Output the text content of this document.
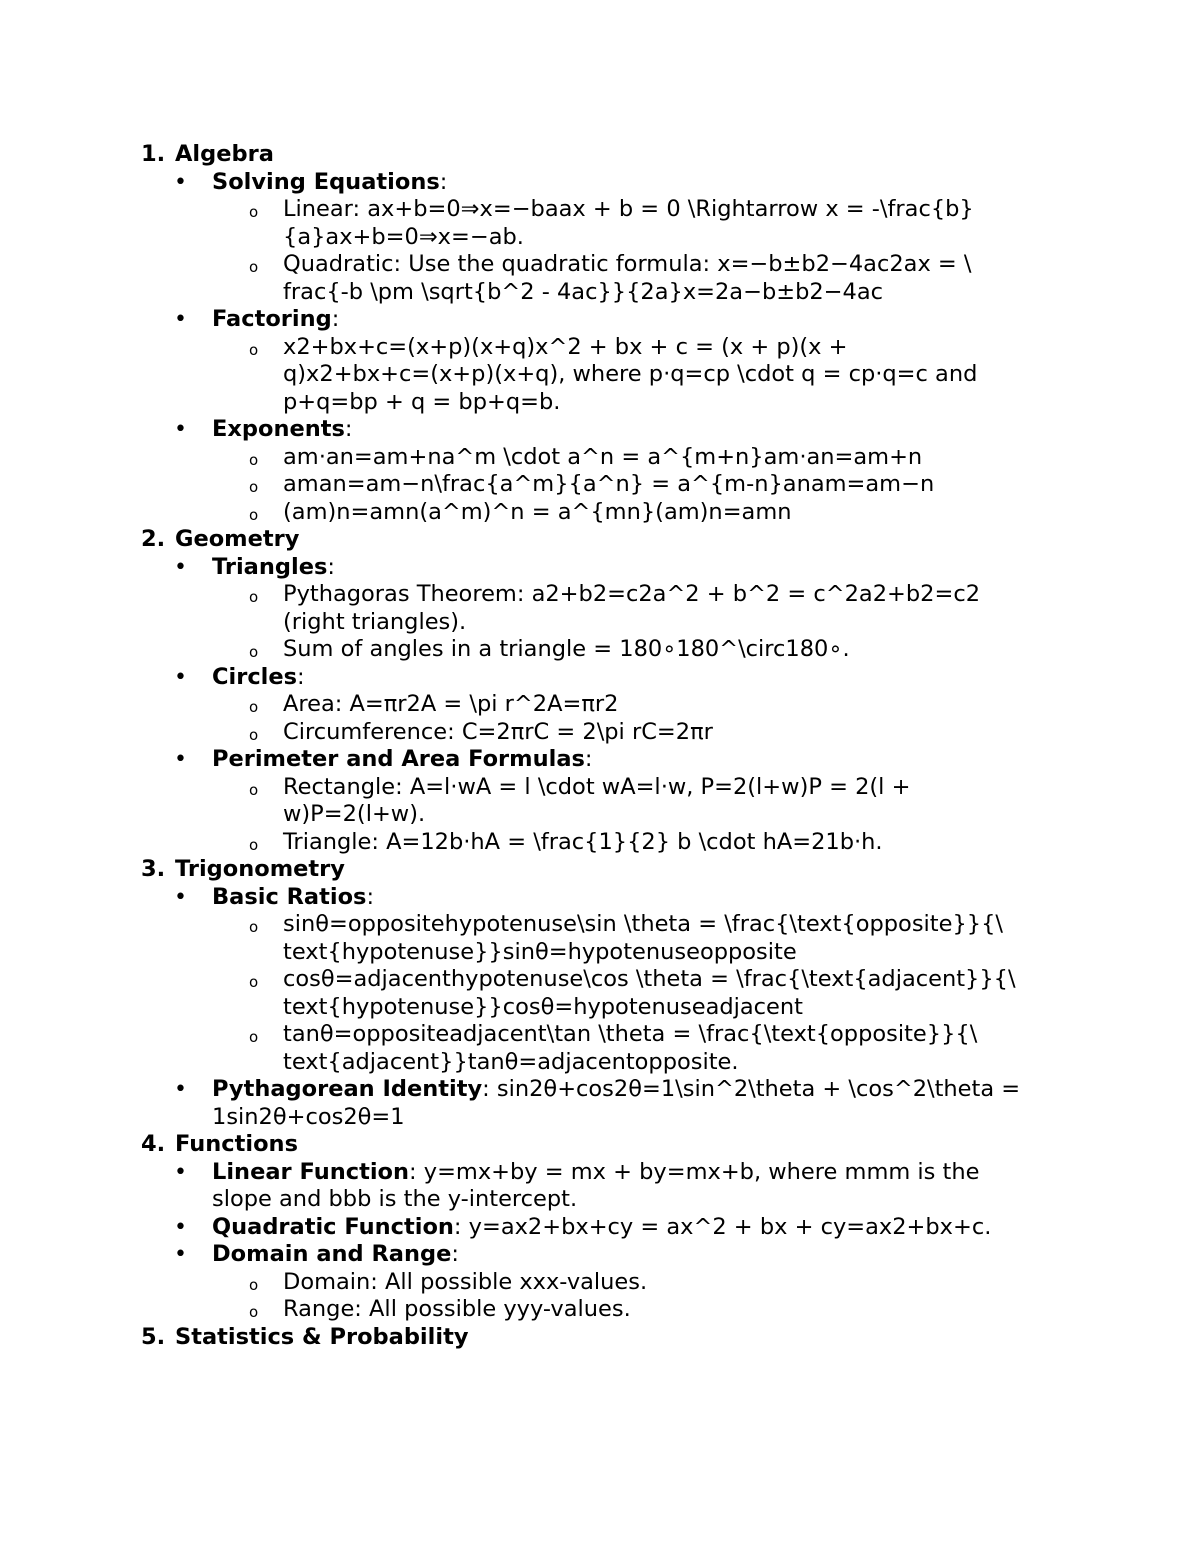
1. Algebra
• Solving Equations:
o Linear: ax+b=0⇒x=−baax + b = 0 \Rightarrow x = -\frac{b}
{a}ax+b=0⇒x=−ab.
o Quadratic: Use the quadratic formula: x=−b±b2−4ac2ax = \
frac{-b \pm \sqrt{b^2 - 4ac}}{2a}x=2a−b±b2−4ac
• Factoring:
o x2+bx+c=(x+p)(x+q)x^2 + bx + c = (x + p)(x +
q)x2+bx+c=(x+p)(x+q), where p⋅q=cp \cdot q = cp⋅q=c and
p+q=bp + q = bp+q=b.
• Exponents:
o am⋅an=am+na^m \cdot a^n = a^{m+n}am⋅an=am+n
o aman=am−n\frac{a^m}{a^n} = a^{m-n}anam=am−n
o (am)n=amn(a^m)^n = a^{mn}(am)n=amn
2. Geometry
• Triangles:
o Pythagoras Theorem: a2+b2=c2a^2 + b^2 = c^2a2+b2=c2
(right triangles).
o Sum of angles in a triangle = 180∘180^\circ180∘.
• Circles:
o Area: A=πr2A = \pi r^2A=πr2
o Circumference: C=2πrC = 2\pi rC=2πr
• Perimeter and Area Formulas:
o Rectangle: A=l⋅wA = l \cdot wA=l⋅w, P=2(l+w)P = 2(l +
w)P=2(l+w).
o Triangle: A=12b⋅hA = \frac{1}{2} b \cdot hA=21b⋅h.
3. Trigonometry
• Basic Ratios:
o sinθ=oppositehypotenuse\sin \theta = \frac{\text{opposite}}{\
text{hypotenuse}}sinθ=hypotenuseopposite
o cosθ=adjacenthypotenuse\cos \theta = \frac{\text{adjacent}}{\
text{hypotenuse}}cosθ=hypotenuseadjacent
o tanθ=oppositeadjacent\tan \theta = \frac{\text{opposite}}{\
text{adjacent}}tanθ=adjacentopposite.
• Pythagorean Identity: sin2θ+cos2θ=1\sin^2\theta + \cos^2\theta =
1sin2θ+cos2θ=1
4. Functions
• Linear Function: y=mx+by = mx + by=mx+b, where mmm is the
slope and bbb is the y-intercept.
• Quadratic Function: y=ax2+bx+cy = ax^2 + bx + cy=ax2+bx+c.
• Domain and Range:
o Domain: All possible xxx-values.
o Range: All possible yyy-values.
5. Statistics & Probability
